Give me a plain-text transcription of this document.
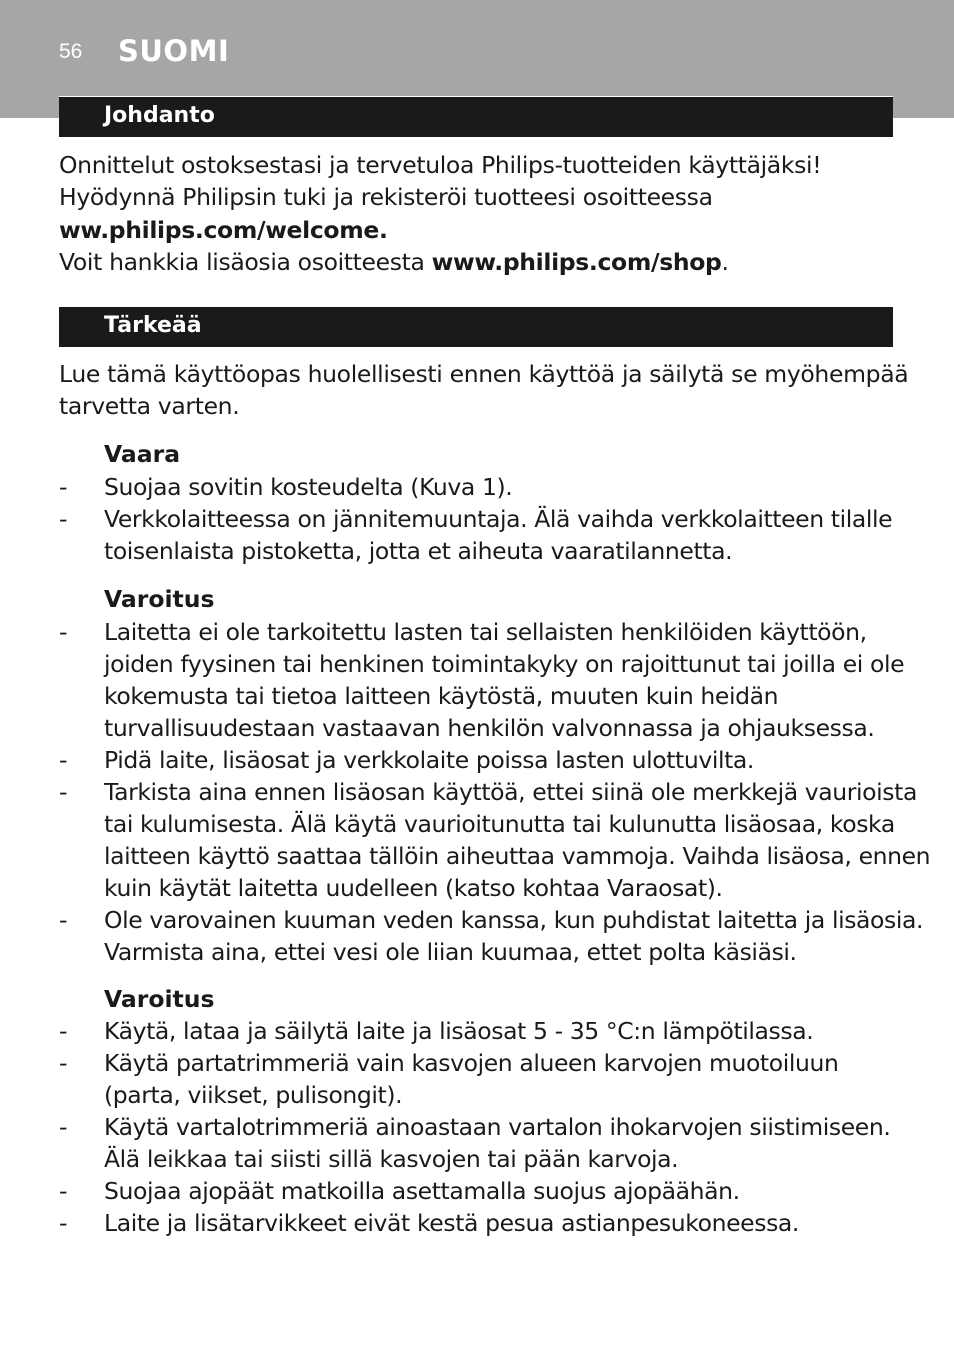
56 SUOMI
Johdanto
Onnittelut ostoksestasi ja tervetuloa Philips-tuotteiden käyttäjäksi!
Hyödynnä Philipsin tuki ja rekisteröi tuotteesi osoitteessa
ww.philips.com/welcome.
Voit hankkia lisäosia osoitteesta www.philips.com/shop.
Tärkeää
Lue tämä käyttöopas huolellisesti ennen käyttöä ja säilytä se myöhempää
tarvetta varten.
Vaara
- Suojaa sovitin kosteudelta (Kuva 1).
- Verkkolaitteessa on jännitemuuntaja. Älä vaihda verkkolaitteen tilalle
toisenlaista pistoketta, jotta et aiheuta vaaratilannetta.
Varoitus
- Laitetta ei ole tarkoitettu lasten tai sellaisten henkilöiden käyttöön,
joiden fyysinen tai henkinen toimintakyky on rajoittunut tai joilla ei ole
kokemusta tai tietoa laitteen käytöstä, muuten kuin heidän
turvallisuudestaan vastaavan henkilön valvonnassa ja ohjauksessa.
- Pidä laite, lisäosat ja verkkolaite poissa lasten ulottuvilta.
- Tarkista aina ennen lisäosan käyttöä, ettei siinä ole merkkejä vaurioista
tai kulumisesta. Älä käytä vaurioitunutta tai kulunutta lisäosaa, koska
laitteen käyttö saattaa tällöin aiheuttaa vammoja. Vaihda lisäosa, ennen
kuin käytät laitetta uudelleen (katso kohtaa Varaosat).
- Ole varovainen kuuman veden kanssa, kun puhdistat laitetta ja lisäosia.
Varmista aina, ettei vesi ole liian kuumaa, ettet polta käsiäsi.
Varoitus
- Käytä, lataa ja säilytä laite ja lisäosat 5 - 35 °C:n lämpötilassa.
- Käytä partatrimmeriä vain kasvojen alueen karvojen muotoiluun
(parta, viikset, pulisongit).
- Käytä vartalotrimmeriä ainoastaan vartalon ihokarvojen siistimiseen.
Älä leikkaa tai siisti sillä kasvojen tai pään karvoja.
- Suojaa ajopäät matkoilla asettamalla suojus ajopäähän.
- Laite ja lisätarvikkeet eivät kestä pesua astianpesukoneessa.
